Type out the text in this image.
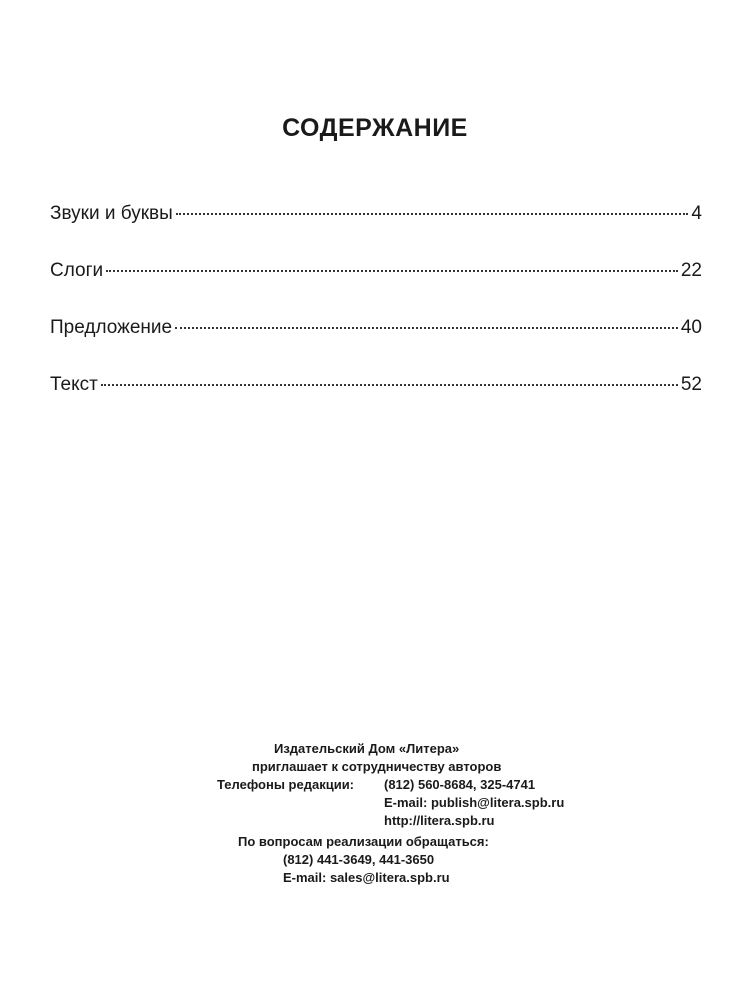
СОДЕРЖАНИЕ
Звуки и буквы	4
Слоги	22
Предложение	40
Текст	52
Издательский Дом «Литера»
приглашает к сотрудничеству авторов
Телефоны редакции: (812) 560-8684, 325-4741
E-mail: publish@litera.spb.ru
http://litera.spb.ru
По вопросам реализации обращаться:
(812) 441-3649, 441-3650
E-mail: sales@litera.spb.ru
